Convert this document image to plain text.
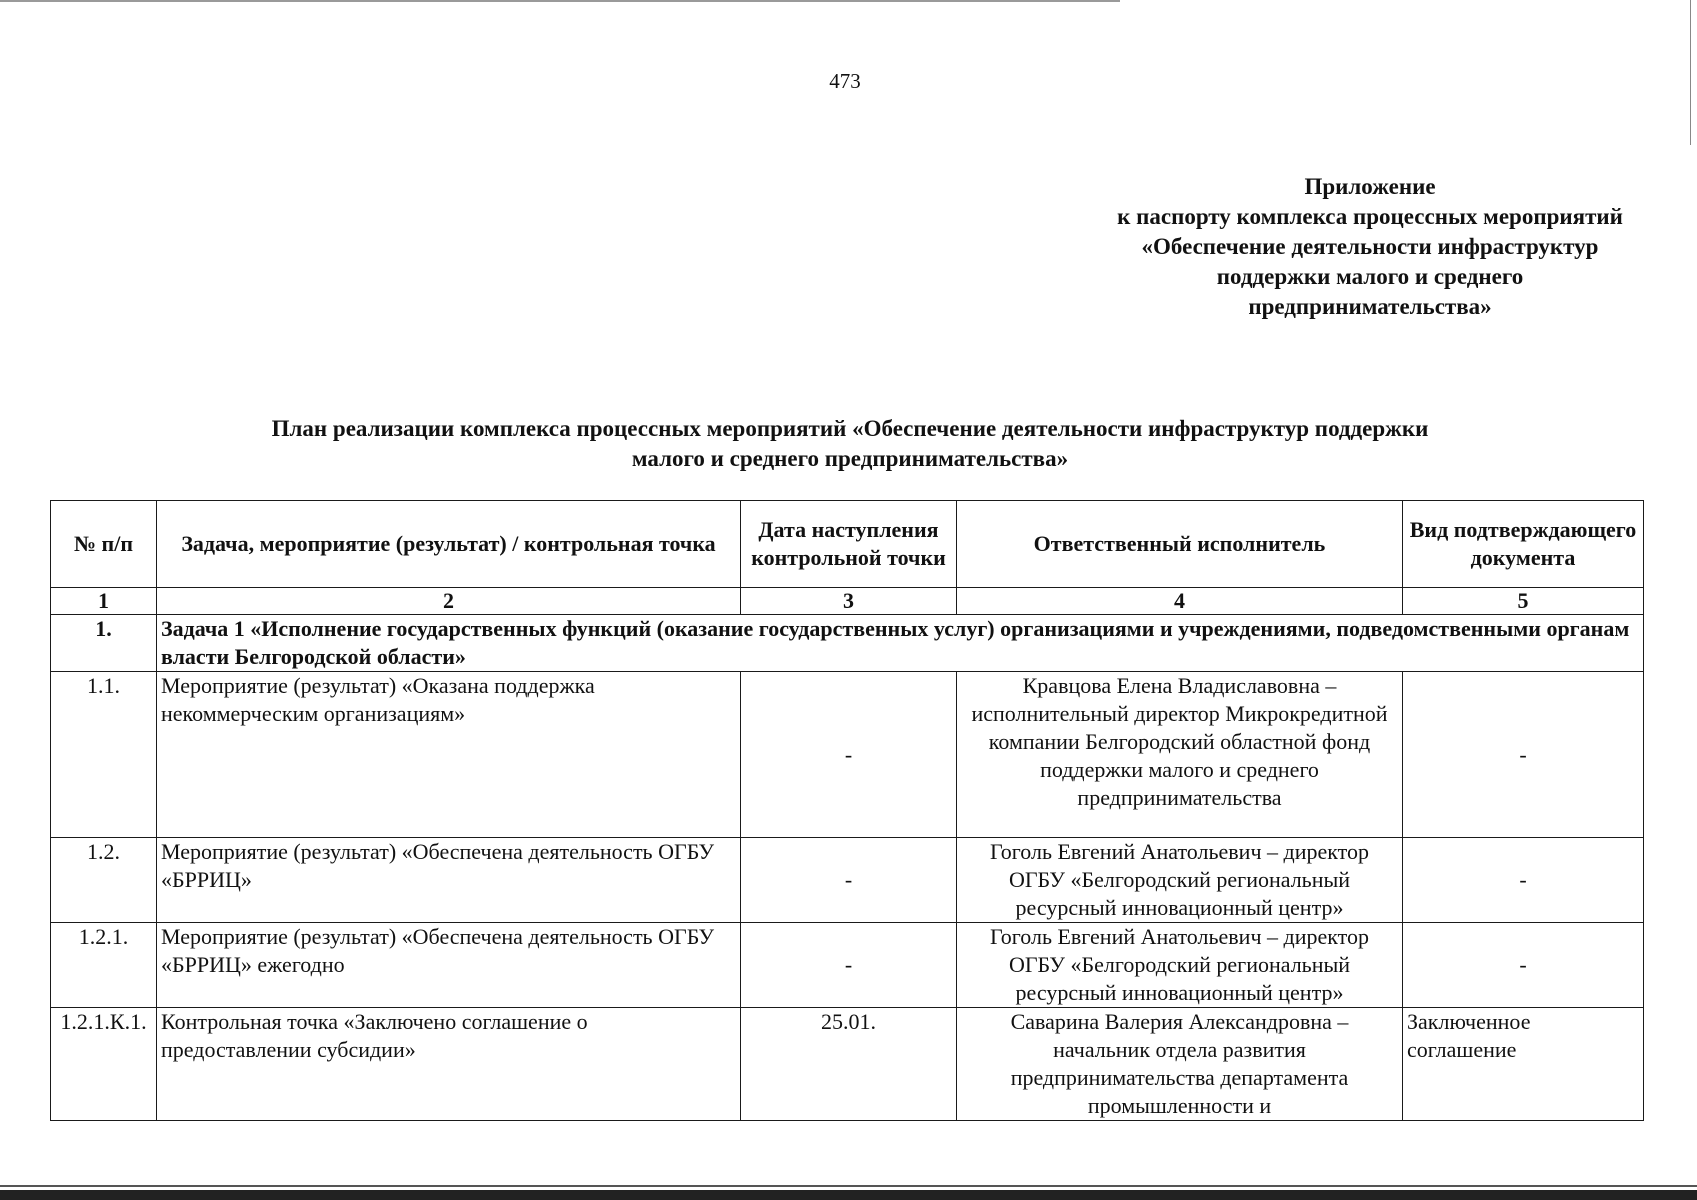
473
Приложение
к паспорту комплекса процессных мероприятий
«Обеспечение деятельности инфраструктур
поддержки малого и среднего
предпринимательства»
План реализации комплекса процессных мероприятий «Обеспечение деятельности инфраструктур поддержки
малого и среднего предпринимательства»
№ п/п	Задача, мероприятие (результат) / контрольная точка	Дата наступления контрольной точки	Ответственный исполнитель	Вид подтверждающего документа
1	2	3	4	5
1.	Задача 1 «Исполнение государственных функций (оказание государственных услуг) организациями и учреждениями, подведомственными органам власти Белгородской области»			
1.1.	Мероприятие (результат) «Оказана поддержка некоммерческим организациям»	-	Кравцова Елена Владиславовна – исполнительный директор Микрокредитной компании Белгородский областной фонд поддержки малого и среднего предпринимательства	-
1.2.	Мероприятие (результат) «Обеспечена деятельность ОГБУ «БРРИЦ»	-	Гоголь Евгений Анатольевич – директор ОГБУ «Белгородский региональный ресурсный инновационный центр»	-
1.2.1.	Мероприятие (результат) «Обеспечена деятельность ОГБУ «БРРИЦ» ежегодно	-	Гоголь Евгений Анатольевич – директор ОГБУ «Белгородский региональный ресурсный инновационный центр»	-
1.2.1.К.1.	Контрольная точка «Заключено соглашение о предоставлении субсидии»	25.01.	Саварина Валерия Александровна – начальник отдела развития предпринимательства департамента промышленности и	Заключенное соглашение
